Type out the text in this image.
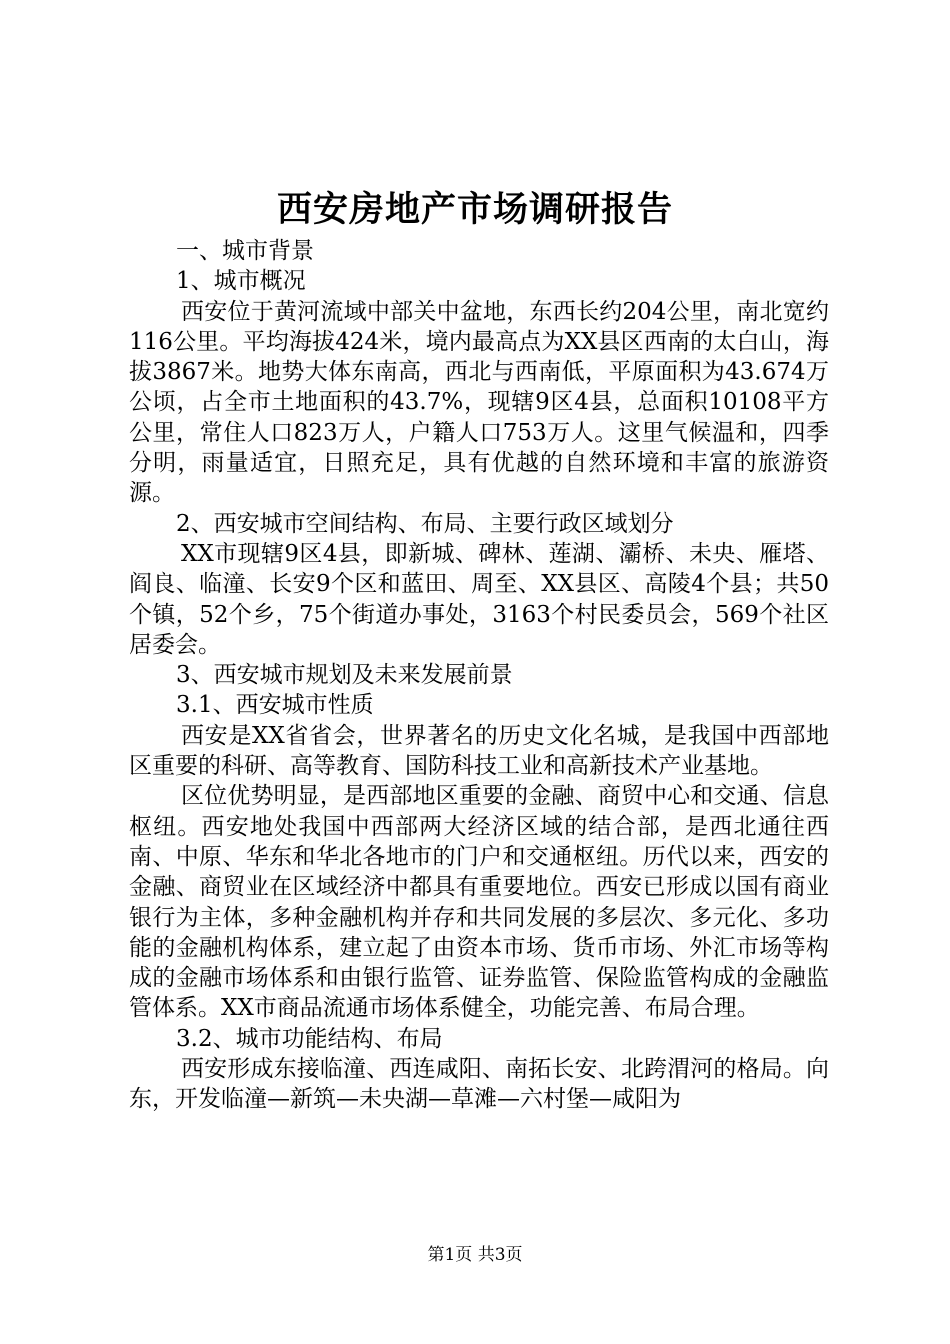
西安房地产市场调研报告

一、城市背景

1、城市概况

西安位于黄河流域中部关中盆地，东西长约204公里，南北宽约116公里。平均海拔424米，境内最高点为XX县区西南的太白山，海拔3867米。地势大体东南高，西北与西南低，平原面积为43.674万公顷，占全市土地面积的43.7%，现辖9区4县，总面积10108平方公里，常住人口823万人，户籍人口753万人。这里气候温和，四季分明，雨量适宜，日照充足，具有优越的自然环境和丰富的旅游资源。

2、西安城市空间结构、布局、主要行政区域划分

XX市现辖9区4县，即新城、碑林、莲湖、灞桥、未央、雁塔、阎良、临潼、长安9个区和蓝田、周至、XX县区、高陵4个县；共50个镇，52个乡，75个街道办事处，3163个村民委员会，569个社区居委会。

3、西安城市规划及未来发展前景

3.1、西安城市性质

西安是XX省省会，世界著名的历史文化名城，是我国中西部地区重要的科研、高等教育、国防科技工业和高新技术产业基地。

区位优势明显，是西部地区重要的金融、商贸中心和交通、信息枢纽。西安地处我国中西部两大经济区域的结合部，是西北通往西南、中原、华东和华北各地市的门户和交通枢纽。历代以来，西安的金融、商贸业在区域经济中都具有重要地位。西安已形成以国有商业银行为主体，多种金融机构并存和共同发展的多层次、多元化、多功能的金融机构体系，建立起了由资本市场、货币市场、外汇市场等构成的金融市场体系和由银行监管、证券监管、保险监管构成的金融监管体系。XX市商品流通市场体系健全，功能完善、布局合理。

3.2、城市功能结构、布局

西安形成东接临潼、西连咸阳、南拓长安、北跨渭河的格局。向东，开发临潼—新筑—未央湖—草滩—六村堡—咸阳为

第1页 共3页
